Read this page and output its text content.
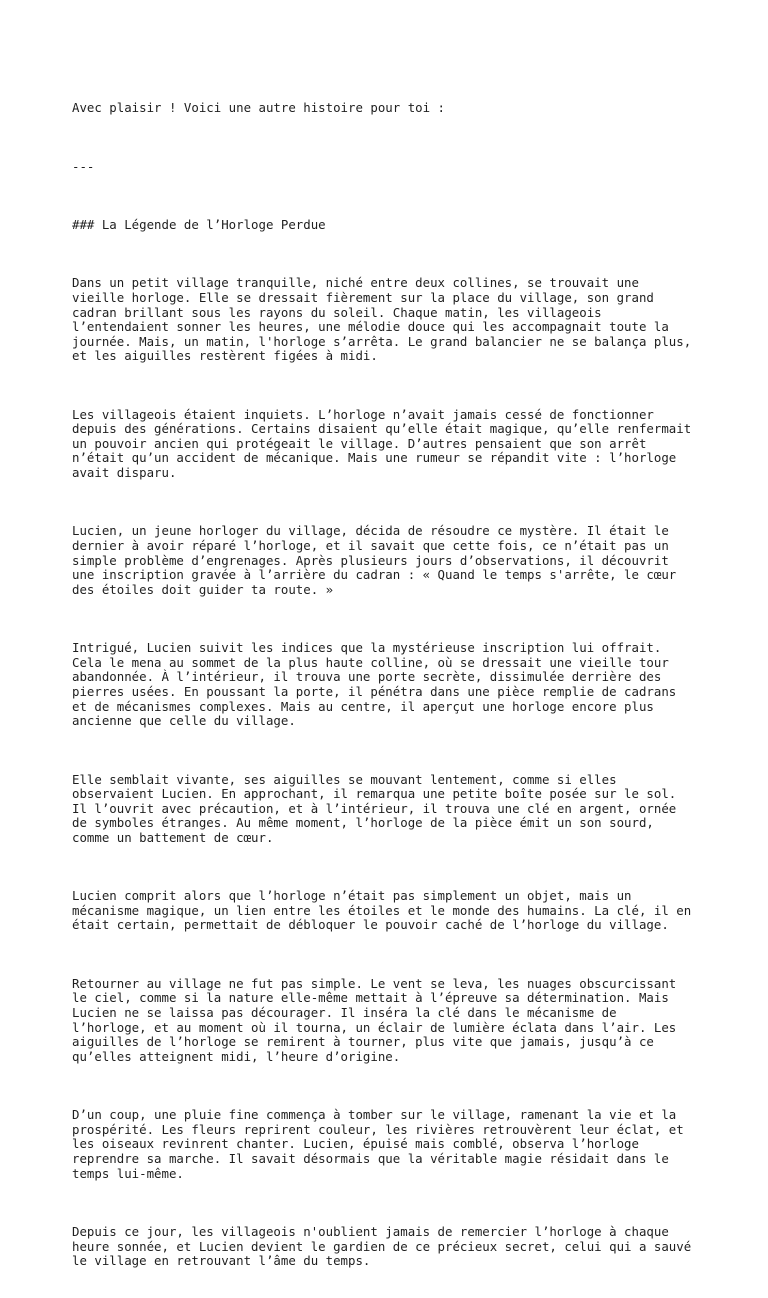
Avec plaisir ! Voici une autre histoire pour toi :

---

### La Légende de l’Horloge Perdue

Dans un petit village tranquille, niché entre deux collines, se trouvait une
vieille horloge. Elle se dressait fièrement sur la place du village, son grand
cadran brillant sous les rayons du soleil. Chaque matin, les villageois
l’entendaient sonner les heures, une mélodie douce qui les accompagnait toute la
journée. Mais, un matin, l'horloge s’arrêta. Le grand balancier ne se balança plus,
et les aiguilles restèrent figées à midi.

Les villageois étaient inquiets. L’horloge n’avait jamais cessé de fonctionner
depuis des générations. Certains disaient qu’elle était magique, qu’elle renfermait
un pouvoir ancien qui protégeait le village. D’autres pensaient que son arrêt
n’était qu’un accident de mécanique. Mais une rumeur se répandit vite : l’horloge
avait disparu.

Lucien, un jeune horloger du village, décida de résoudre ce mystère. Il était le
dernier à avoir réparé l’horloge, et il savait que cette fois, ce n’était pas un
simple problème d’engrenages. Après plusieurs jours d’observations, il découvrit
une inscription gravée à l’arrière du cadran : « Quand le temps s'arrête, le cœur
des étoiles doit guider ta route. »

Intrigué, Lucien suivit les indices que la mystérieuse inscription lui offrait.
Cela le mena au sommet de la plus haute colline, où se dressait une vieille tour
abandonnée. À l’intérieur, il trouva une porte secrète, dissimulée derrière des
pierres usées. En poussant la porte, il pénétra dans une pièce remplie de cadrans
et de mécanismes complexes. Mais au centre, il aperçut une horloge encore plus
ancienne que celle du village.

Elle semblait vivante, ses aiguilles se mouvant lentement, comme si elles
observaient Lucien. En approchant, il remarqua une petite boîte posée sur le sol.
Il l’ouvrit avec précaution, et à l’intérieur, il trouva une clé en argent, ornée
de symboles étranges. Au même moment, l’horloge de la pièce émit un son sourd,
comme un battement de cœur.

Lucien comprit alors que l’horloge n’était pas simplement un objet, mais un
mécanisme magique, un lien entre les étoiles et le monde des humains. La clé, il en
était certain, permettait de débloquer le pouvoir caché de l’horloge du village.

Retourner au village ne fut pas simple. Le vent se leva, les nuages obscurcissant
le ciel, comme si la nature elle-même mettait à l’épreuve sa détermination. Mais
Lucien ne se laissa pas décourager. Il inséra la clé dans le mécanisme de
l’horloge, et au moment où il tourna, un éclair de lumière éclata dans l’air. Les
aiguilles de l’horloge se remirent à tourner, plus vite que jamais, jusqu’à ce
qu’elles atteignent midi, l’heure d’origine.

D’un coup, une pluie fine commença à tomber sur le village, ramenant la vie et la
prospérité. Les fleurs reprirent couleur, les rivières retrouvèrent leur éclat, et
les oiseaux revinrent chanter. Lucien, épuisé mais comblé, observa l’horloge
reprendre sa marche. Il savait désormais que la véritable magie résidait dans le
temps lui-même.

Depuis ce jour, les villageois n'oublient jamais de remercier l’horloge à chaque
heure sonnée, et Lucien devient le gardien de ce précieux secret, celui qui a sauvé
le village en retrouvant l’âme du temps.
